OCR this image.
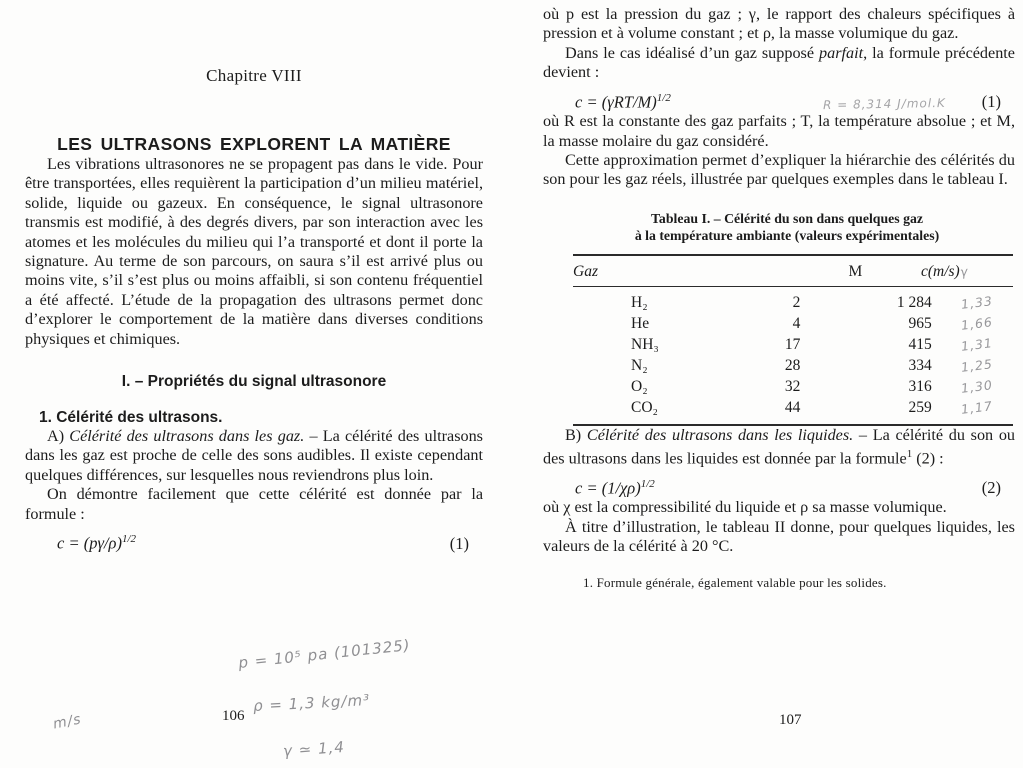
Chapitre VIII
LES ULTRASONS EXPLORENT LA MATIÈRE

Les vibrations ultrasonores ne se propagent pas dans le vide. Pour être transportées, elles requièrent la participation d’un milieu matériel, solide, liquide ou gazeux. En conséquence, le signal ultrasonore transmis est modifié, à des degrés divers, par son interaction avec les atomes et les molécules du milieu qui l’a transporté et dont il porte la signature. Au terme de son parcours, on saura s’il est arrivé plus ou moins vite, s’il s’est plus ou moins affaibli, si son contenu fréquentiel a été affecté. L’étude de la propagation des ultrasons permet donc d’explorer le comportement de la matière dans diverses conditions physiques et chimiques.

I. – Propriétés du signal ultrasonore
1. Célérité des ultrasons.

A) Célérité des ultrasons dans les gaz. – La célérité des ultrasons dans les gaz est proche de celle des sons audibles. Il existe cependant quelques différences, sur lesquelles nous reviendrons plus loin.

On démontre facilement que cette célérité est donnée par la formule :

$c = (p\gamma/\rho)^{1/2}$	(1)
p = 10⁵ pa (101325)
ρ = 1,3 kg/m³
γ ≃ 1,4
m/s	106

où p est la pression du gaz ; γ, le rapport des chaleurs spécifiques à pression et à volume constant ; et ρ, la masse volumique du gaz.

Dans le cas idéalisé d’un gaz supposé parfait, la formule précédente devient :

R = 8,314 J/mol.K
$c = (\gamma RT/M)^{1/2}$	(1)

où R est la constante des gaz parfaits ; T, la température absolue ; et M, la masse molaire du gaz considéré.

Cette approximation permet d’expliquer la hiérarchie des célérités du son pour les gaz réels, illustrée par quelques exemples dans le tableau I.

Tableau I. – Célérité du son dans quelques gaz
à la température ambiante (valeurs expérimentales)
Gaz	M	c(m/s)	γ
H₂	2	1 284	1,33
He	4	965	1,66
NH₃	17	415	1,31
N₂	28	334	1,25
O₂	32	316	1,30
CO₂	44	259	1,17

B) Célérité des ultrasons dans les liquides. – La célérité du son ou des ultrasons dans les liquides est donnée par la formule$^1$ (2) :

$c = (1/\chi\rho)^{1/2}$	(2)

où χ est la compressibilité du liquide et ρ sa masse volumique.

À titre d’illustration, le tableau II donne, pour quelques liquides, les valeurs de la célérité à 20 °C.

1. Formule générale, également valable pour les solides.
107
